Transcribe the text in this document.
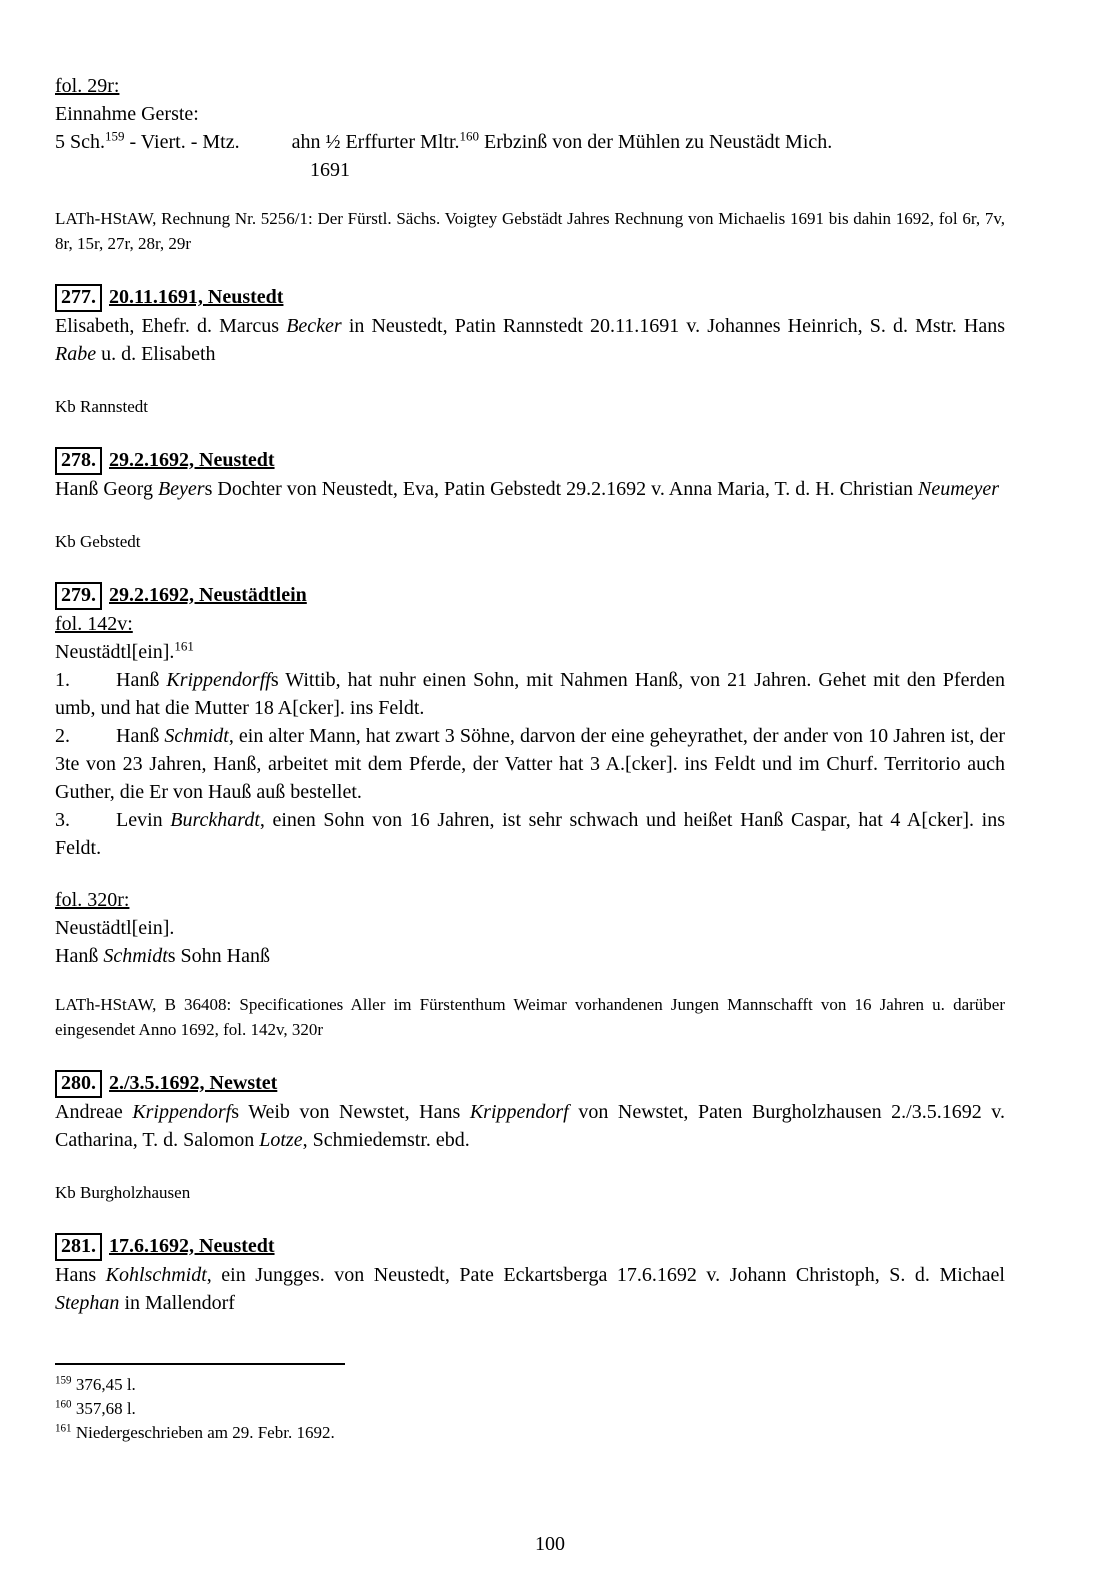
fol. 29r:

Einnahme Gerste:

5 Sch.$^{159}$ - Viert. - Mtz.	ahn ½ Erffurter Mltr.$^{160}$ Erbzinß von der Mühlen zu Neustädt Mich.

1691

LATh-HStAW, Rechnung Nr. 5256/1: Der Fürstl. Sächs. Voigtey Gebstädt Jahres Rechnung von Michaelis 1691 bis dahin 1692, fol 6r, 7v, 8r, 15r, 27r, 28r, 29r

277. 20.11.1691, Neustedt

Elisabeth, Ehefr. d. Marcus Becker in Neustedt, Patin Rannstedt 20.11.1691 v. Johannes Heinrich, S. d. Mstr. Hans Rabe u. d. Elisabeth

Kb Rannstedt

278. 29.2.1692, Neustedt

Hanß Georg Beyers Dochter von Neustedt, Eva, Patin Gebstedt 29.2.1692 v. Anna Maria, T. d. H. Christian Neumeyer

Kb Gebstedt

279. 29.2.1692, Neustädtlein

fol. 142v:

Neustädtl[ein].$^{161}$

1. Hanß Krippendorffs Wittib, hat nuhr einen Sohn, mit Nahmen Hanß, von 21 Jahren. Gehet mit den Pferden umb, und hat die Mutter 18 A[cker]. ins Feldt.

2. Hanß Schmidt, ein alter Mann, hat zwart 3 Söhne, darvon der eine geheyrathet, der ander von 10 Jahren ist, der 3te von 23 Jahren, Hanß, arbeitet mit dem Pferde, der Vatter hat 3 A.[cker]. ins Feldt und im Churf. Territorio auch Guther, die Er von Hauß auß bestellet.

3. Levin Burckhardt, einen Sohn von 16 Jahren, ist sehr schwach und heißet Hanß Caspar, hat 4 A[cker]. ins Feldt.

fol. 320r:

Neustädtl[ein].

Hanß Schmidts Sohn Hanß

LATh-HStAW, B 36408: Specificationes Aller im Fürstenthum Weimar vorhandenen Jungen Mannschafft von 16 Jahren u. darüber eingesendet Anno 1692, fol. 142v, 320r

280. 2./3.5.1692, Newstet

Andreae Krippendorfs Weib von Newstet, Hans Krippendorf von Newstet, Paten Burgholzhausen 2./3.5.1692 v. Catharina, T. d. Salomon Lotze, Schmiedemstr. ebd.

Kb Burgholzhausen

281. 17.6.1692, Neustedt

Hans Kohlschmidt, ein Jungges. von Neustedt, Pate Eckartsberga 17.6.1692 v. Johann Christoph, S. d. Michael Stephan in Mallendorf

$^{159}$ 376,45 l.

$^{160}$ 357,68 l.

$^{161}$ Niedergeschrieben am 29. Febr. 1692.

100
